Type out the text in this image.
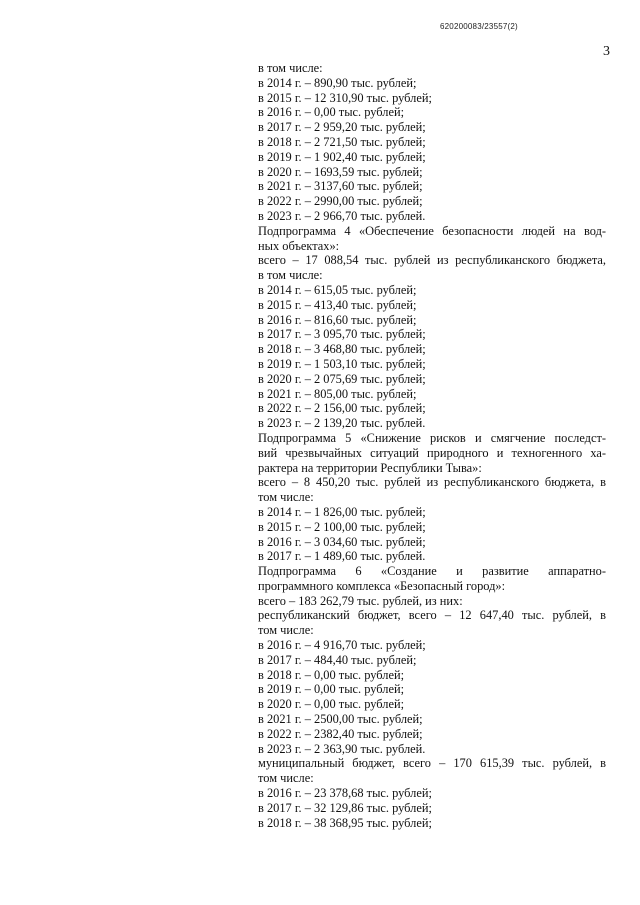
620200083/23557(2)
3
в том числе:
в 2014 г. – 890,90 тыс. рублей;
в 2015 г. – 12 310,90 тыс. рублей;
в 2016 г. – 0,00 тыс. рублей;
в 2017 г. – 2 959,20 тыс. рублей;
в 2018 г. – 2 721,50 тыс. рублей;
в 2019 г. – 1 902,40 тыс. рублей;
в 2020 г. – 1693,59 тыс. рублей;
в 2021 г. – 3137,60 тыс. рублей;
в 2022 г. – 2990,00 тыс. рублей;
в 2023 г. – 2 966,70 тыс. рублей.
Подпрограмма 4 «Обеспечение безопасности людей на вод-
ных объектах»:
всего – 17 088,54 тыс. рублей из республиканского бюджета,
в том числе:
в 2014 г. – 615,05 тыс. рублей;
в 2015 г. – 413,40 тыс. рублей;
в 2016 г. – 816,60 тыс. рублей;
в 2017 г. – 3 095,70 тыс. рублей;
в 2018 г. – 3 468,80 тыс. рублей;
в 2019 г. – 1 503,10 тыс. рублей;
в 2020 г. – 2 075,69 тыс. рублей;
в 2021 г. – 805,00 тыс. рублей;
в 2022 г. – 2 156,00 тыс. рублей;
в 2023 г. – 2 139,20 тыс. рублей.
Подпрограмма 5 «Снижение рисков и смягчение последст-
вий чрезвычайных ситуаций природного и техногенного ха-
рактера на территории Республики Тыва»:
всего – 8 450,20 тыс. рублей из республиканского бюджета, в
том числе:
в 2014 г. – 1 826,00 тыс. рублей;
в 2015 г. – 2 100,00 тыс. рублей;
в 2016 г. – 3 034,60 тыс. рублей;
в 2017 г. – 1 489,60 тыс. рублей.
Подпрограмма 6 «Создание и развитие аппаратно-
программного комплекса «Безопасный город»:
всего – 183 262,79 тыс. рублей, из них:
республиканский бюджет, всего – 12 647,40 тыс. рублей, в
том числе:
в 2016 г. – 4 916,70 тыс. рублей;
в 2017 г. – 484,40 тыс. рублей;
в 2018 г. – 0,00 тыс. рублей;
в 2019 г. – 0,00 тыс. рублей;
в 2020 г. – 0,00 тыс. рублей;
в 2021 г. – 2500,00 тыс. рублей;
в 2022 г. – 2382,40 тыс. рублей;
в 2023 г. – 2 363,90 тыс. рублей.
муниципальный бюджет, всего – 170 615,39 тыс. рублей, в
том числе:
в 2016 г. – 23 378,68 тыс. рублей;
в 2017 г. – 32 129,86 тыс. рублей;
в 2018 г. – 38 368,95 тыс. рублей;
